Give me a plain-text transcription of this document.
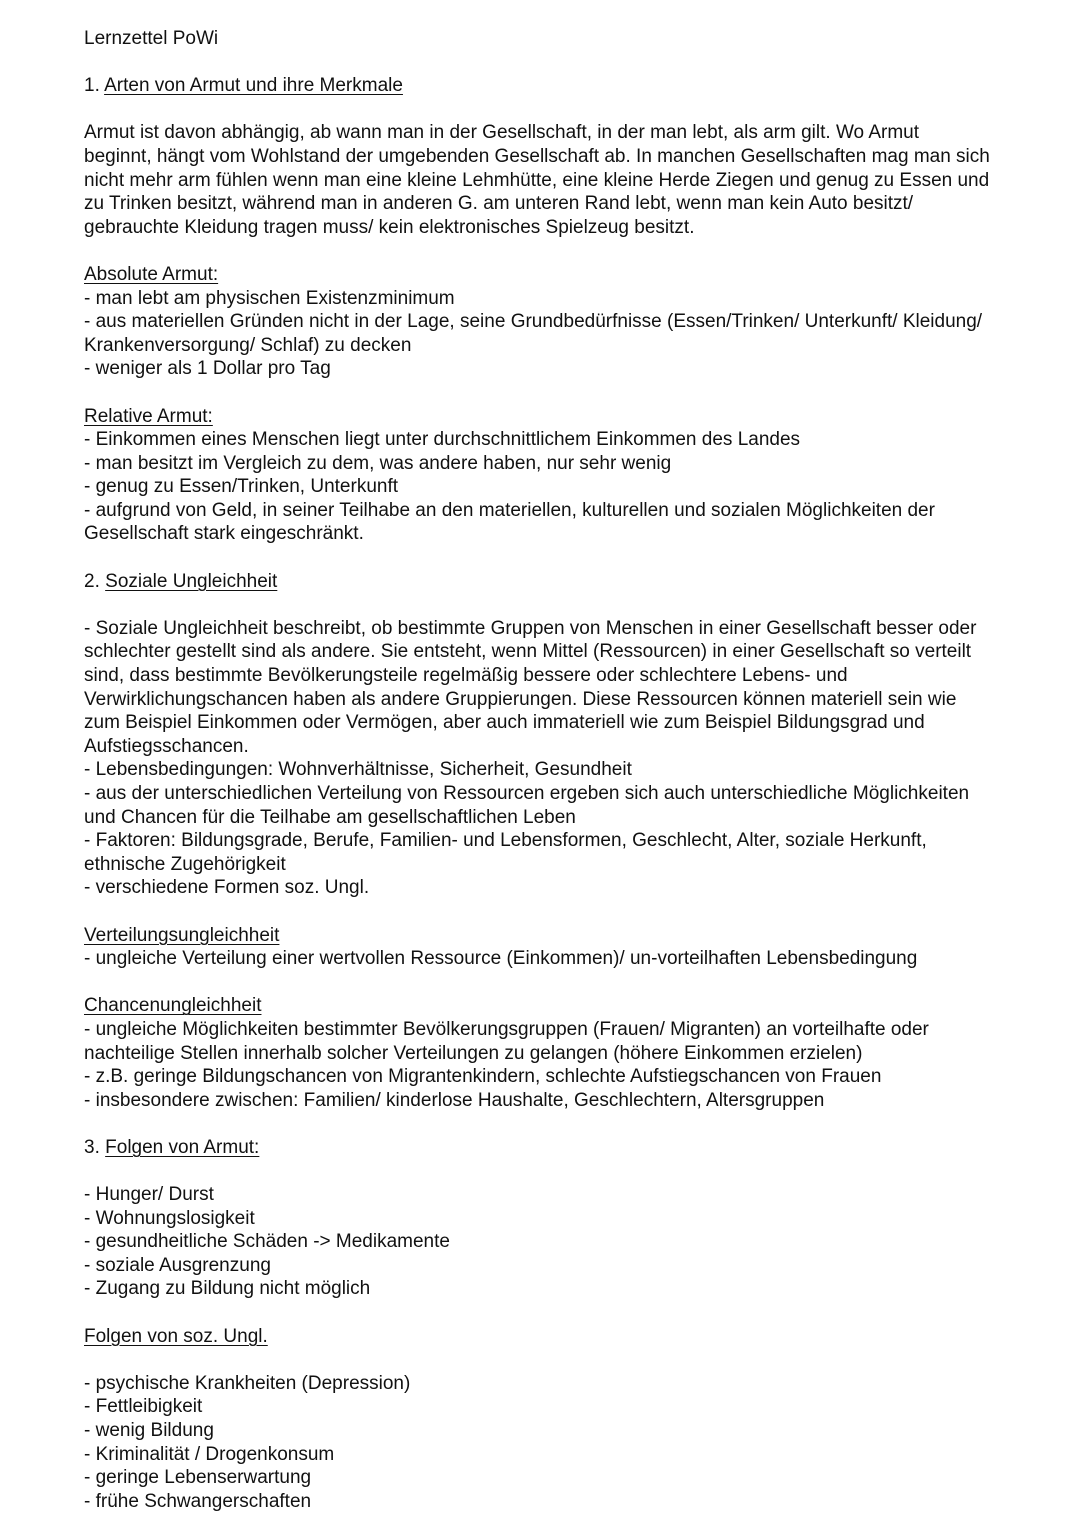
Lernzettel PoWi

1. Arten von Armut und ihre Merkmale

Armut ist davon abhängig, ab wann man in der Gesellschaft, in der man lebt, als arm gilt. Wo Armut beginnt, hängt vom Wohlstand der umgebenden Gesellschaft ab. In manchen Gesellschaften mag man sich nicht mehr arm fühlen wenn man eine kleine Lehmhütte, eine kleine Herde Ziegen und genug zu Essen und zu Trinken besitzt, während man in anderen G. am unteren Rand lebt, wenn man kein Auto besitzt/ gebrauchte Kleidung tragen muss/ kein elektronisches Spielzeug besitzt.

Absolute Armut:

- man lebt am physischen Existenzminimum

- aus materiellen Gründen nicht in der Lage, seine Grundbedürfnisse (Essen/Trinken/ Unterkunft/ Kleidung/ Krankenversorgung/ Schlaf) zu decken

- weniger als 1 Dollar pro Tag

Relative Armut:

- Einkommen eines Menschen liegt unter durchschnittlichem Einkommen des Landes

- man besitzt im Vergleich zu dem, was andere haben, nur sehr wenig

- genug zu Essen/Trinken, Unterkunft

- aufgrund von Geld, in seiner Teilhabe an den materiellen, kulturellen und sozialen Möglichkeiten der Gesellschaft stark eingeschränkt.

2. Soziale Ungleichheit

- Soziale Ungleichheit beschreibt, ob bestimmte Gruppen von Menschen in einer Gesellschaft besser oder schlechter gestellt sind als andere. Sie entsteht, wenn Mittel (Ressourcen) in einer Gesellschaft so verteilt sind, dass bestimmte Bevölkerungsteile regelmäßig bessere oder schlechtere Lebens- und Verwirklichungschancen haben als andere Gruppierungen. Diese Ressourcen können materiell sein wie zum Beispiel Einkommen oder Vermögen, aber auch immateriell wie zum Beispiel Bildungsgrad und Aufstiegsschancen.

- Lebensbedingungen: Wohnverhältnisse, Sicherheit, Gesundheit

- aus der unterschiedlichen Verteilung von Ressourcen ergeben sich auch unterschiedliche Möglichkeiten und Chancen für die Teilhabe am gesellschaftlichen Leben

- Faktoren: Bildungsgrade, Berufe, Familien- und Lebensformen, Geschlecht, Alter, soziale Herkunft, ethnische Zugehörigkeit

- verschiedene Formen soz. Ungl.

Verteilungsungleichheit

- ungleiche Verteilung einer wertvollen Ressource (Einkommen)/ un-vorteilhaften Lebensbedingung

Chancenungleichheit

- ungleiche Möglichkeiten bestimmter Bevölkerungsgruppen (Frauen/ Migranten) an vorteilhafte oder nachteilige Stellen innerhalb solcher Verteilungen zu gelangen (höhere Einkommen erzielen)

- z.B. geringe Bildungschancen von Migrantenkindern, schlechte Aufstiegschancen von Frauen

- insbesondere zwischen: Familien/ kinderlose Haushalte, Geschlechtern, Altersgruppen

3. Folgen von Armut:

- Hunger/ Durst

- Wohnungslosigkeit

- gesundheitliche Schäden -> Medikamente

- soziale Ausgrenzung

- Zugang zu Bildung nicht möglich

Folgen von soz. Ungl.

- psychische Krankheiten (Depression)

- Fettleibigkeit

- wenig Bildung

- Kriminalität / Drogenkonsum

- geringe Lebenserwartung

- frühe Schwangerschaften
